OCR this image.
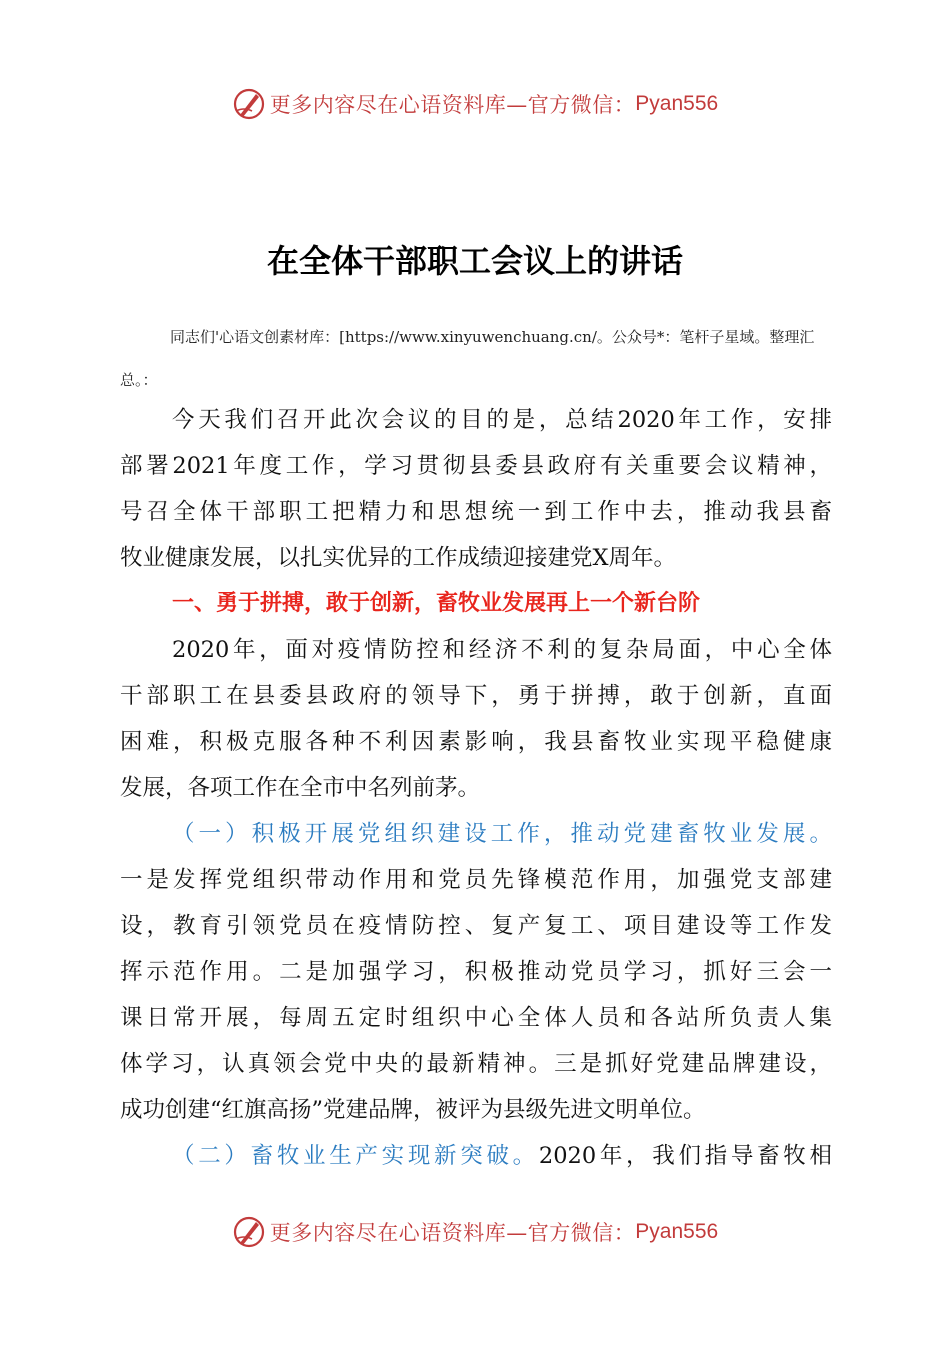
更多内容尽在心语资料库—官方微信： Pyan556
在全体干部职工会议上的讲话
同志们'心语文创素材库：[https://www.xinyuwenchuang.cn/。公众号*：笔杆子星域。整理汇
总。：
今天我们召开此次会议的目的是，总结2020年工作，安排
部署2021年度工作，学习贯彻县委县政府有关重要会议精神，
号召全体干部职工把精力和思想统一到工作中去，推动我县畜
牧业健康发展，以扎实优异的工作成绩迎接建党X周年。
一、勇于拼搏，敢于创新，畜牧业发展再上一个新台阶
2020年，面对疫情防控和经济不利的复杂局面，中心全体
干部职工在县委县政府的领导下，勇于拼搏，敢于创新，直面
困难，积极克服各种不利因素影响，我县畜牧业实现平稳健康
发展，各项工作在全市中名列前茅。
（一）积极开展党组织建设工作，推动党建畜牧业发展。
一是发挥党组织带动作用和党员先锋模范作用，加强党支部建
设，教育引领党员在疫情防控、复产复工、项目建设等工作发
挥示范作用。二是加强学习，积极推动党员学习，抓好三会一
课日常开展，每周五定时组织中心全体人员和各站所负责人集
体学习，认真领会党中央的最新精神。三是抓好党建品牌建设，
成功创建“红旗高扬”党建品牌，被评为县级先进文明单位。
（二）畜牧业生产实现新突破。2020年，我们指导畜牧相
更多内容尽在心语资料库—官方微信： Pyan556
